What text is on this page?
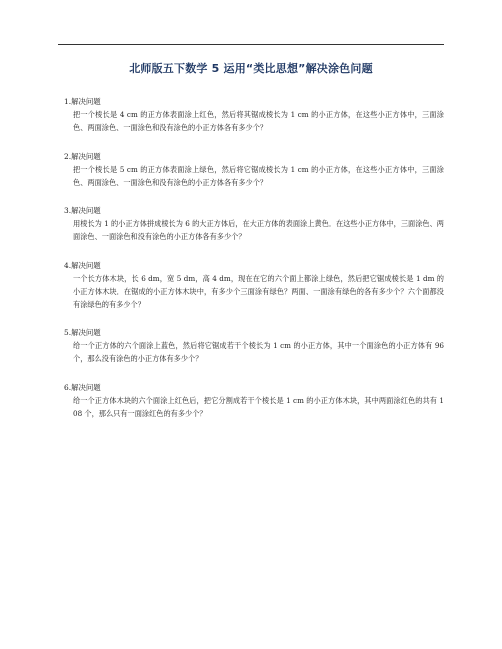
北师版五下数学 5 运用“类比思想”解决涂色问题
1.解决问题
把一个棱长是 4 cm 的正方体表面涂上红色，然后将其锯成棱长为 1 cm 的小正方体，在这些小正方体中，三面涂色、两面涂色、一面涂色和没有涂色的小正方体各有多少个？
2.解决问题
把一个棱长是 5 cm 的正方体表面涂上绿色，然后将它锯成棱长为 1 cm 的小正方体，在这些小正方体中，三面涂色、两面涂色、一面涂色和没有涂色的小正方体各有多少个？
3.解决问题
用棱长为 1 的小正方体拼成棱长为 6 的大正方体后，在大正方体的表面涂上黄色．在这些小正方体中，三面涂色、两面涂色、一面涂色和没有涂色的小正方体各有多少个？
4.解决问题
一个长方体木块，长 6 dm，宽 5 dm，高 4 dm，现在在它的六个面上都涂上绿色，然后把它锯成棱长是 1 dm 的小正方体木块．在锯成的小正方体木块中，有多少个三面涂有绿色？两面、一面涂有绿色的各有多少个？六个面都没有涂绿色的有多少个？
5.解决问题
给一个正方体的六个面涂上蓝色，然后将它锯成若干个棱长为 1 cm 的小正方体，其中一个面涂色的小正方体有 96 个，那么没有涂色的小正方体有多少个？
6.解决问题
给一个正方体木块的六个面涂上红色后，把它分割成若干个棱长是 1 cm 的小正方体木块，其中两面涂红色的共有 108 个，那么只有一面涂红色的有多少个？
